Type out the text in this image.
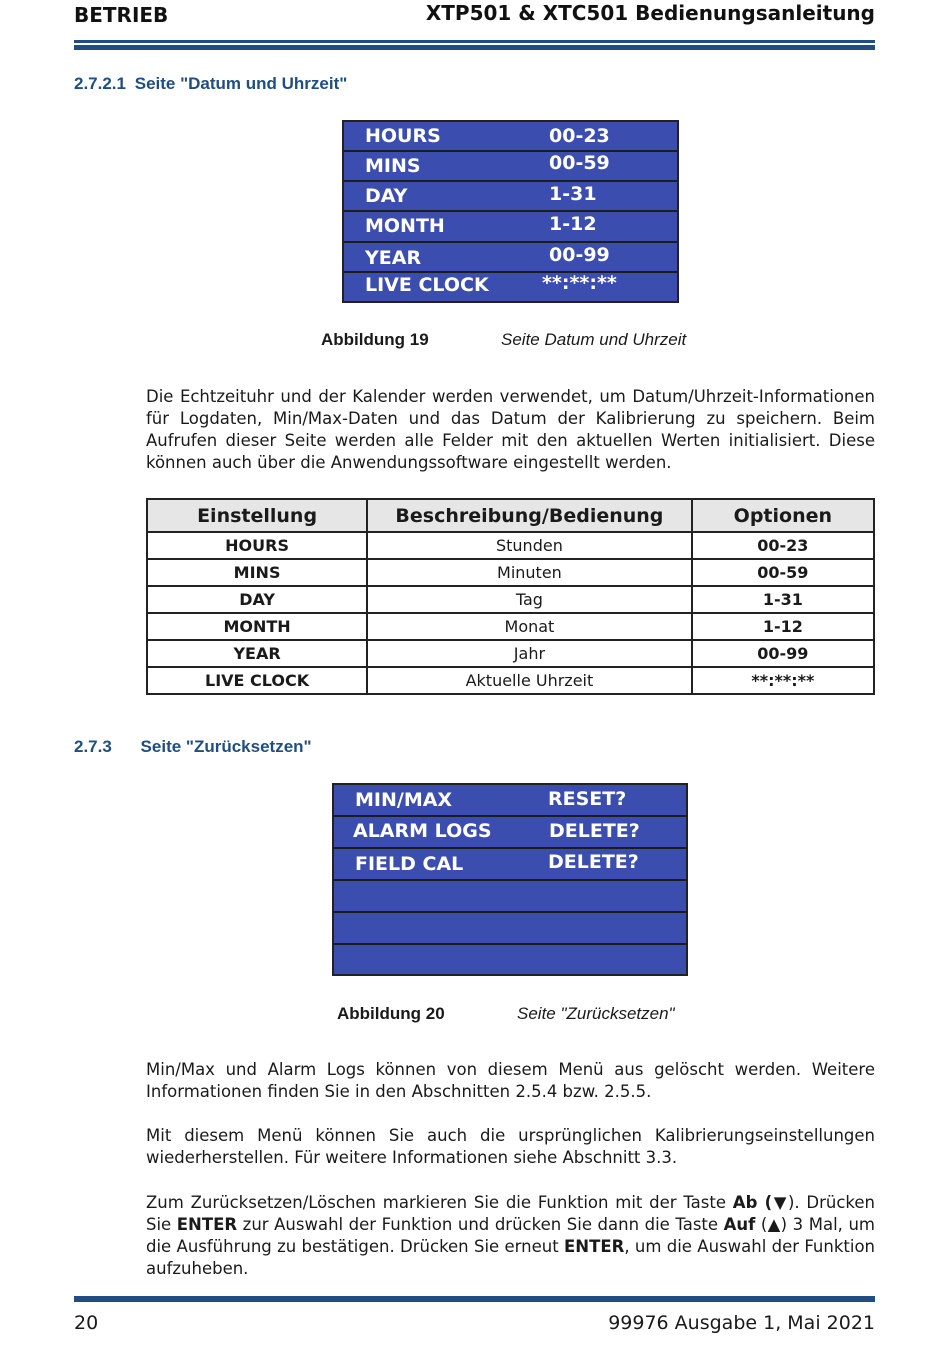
BETRIEB	XTP501 & XTC501 Bedienungsanleitung
2.7.2.1 Seite "Datum und Uhrzeit"
HOURS	00-23
MINS	00-59
DAY	1-31
MONTH	1-12
YEAR	00-99
LIVE CLOCK	**:**:**
Abbildung 19	Seite Datum und Uhrzeit
Die Echtzeituhr und der Kalender werden verwendet, um Datum/Uhrzeit-Informationen für Logdaten, Min/Max-Daten und das Datum der Kalibrierung zu speichern. Beim Aufrufen dieser Seite werden alle Felder mit den aktuellen Werten initialisiert. Diese können auch über die Anwendungssoftware eingestellt werden.
Einstellung	Beschreibung/Bedienung	Optionen
HOURS	Stunden	00-23
MINS	Minuten	00-59
DAY	Tag	1-31
MONTH	Monat	1-12
YEAR	Jahr	00-99
LIVE CLOCK	Aktuelle Uhrzeit	**:**:**
2.7.3 Seite "Zurücksetzen"
MIN/MAX	RESET?
ALARM LOGS	DELETE?
FIELD CAL	DELETE?
Abbildung 20	Seite "Zurücksetzen"
Min/Max und Alarm Logs können von diesem Menü aus gelöscht werden. Weitere Informationen finden Sie in den Abschnitten 2.5.4 bzw. 2.5.5.
Mit diesem Menü können Sie auch die ursprünglichen Kalibrierungseinstellungen wiederherstellen. Für weitere Informationen siehe Abschnitt 3.3.
Zum Zurücksetzen/Löschen markieren Sie die Funktion mit der Taste Ab (▼). Drücken Sie ENTER zur Auswahl der Funktion und drücken Sie dann die Taste Auf (▲) 3 Mal, um die Ausführung zu bestätigen. Drücken Sie erneut ENTER, um die Auswahl der Funktion aufzuheben.
20	99976 Ausgabe 1, Mai 2021
